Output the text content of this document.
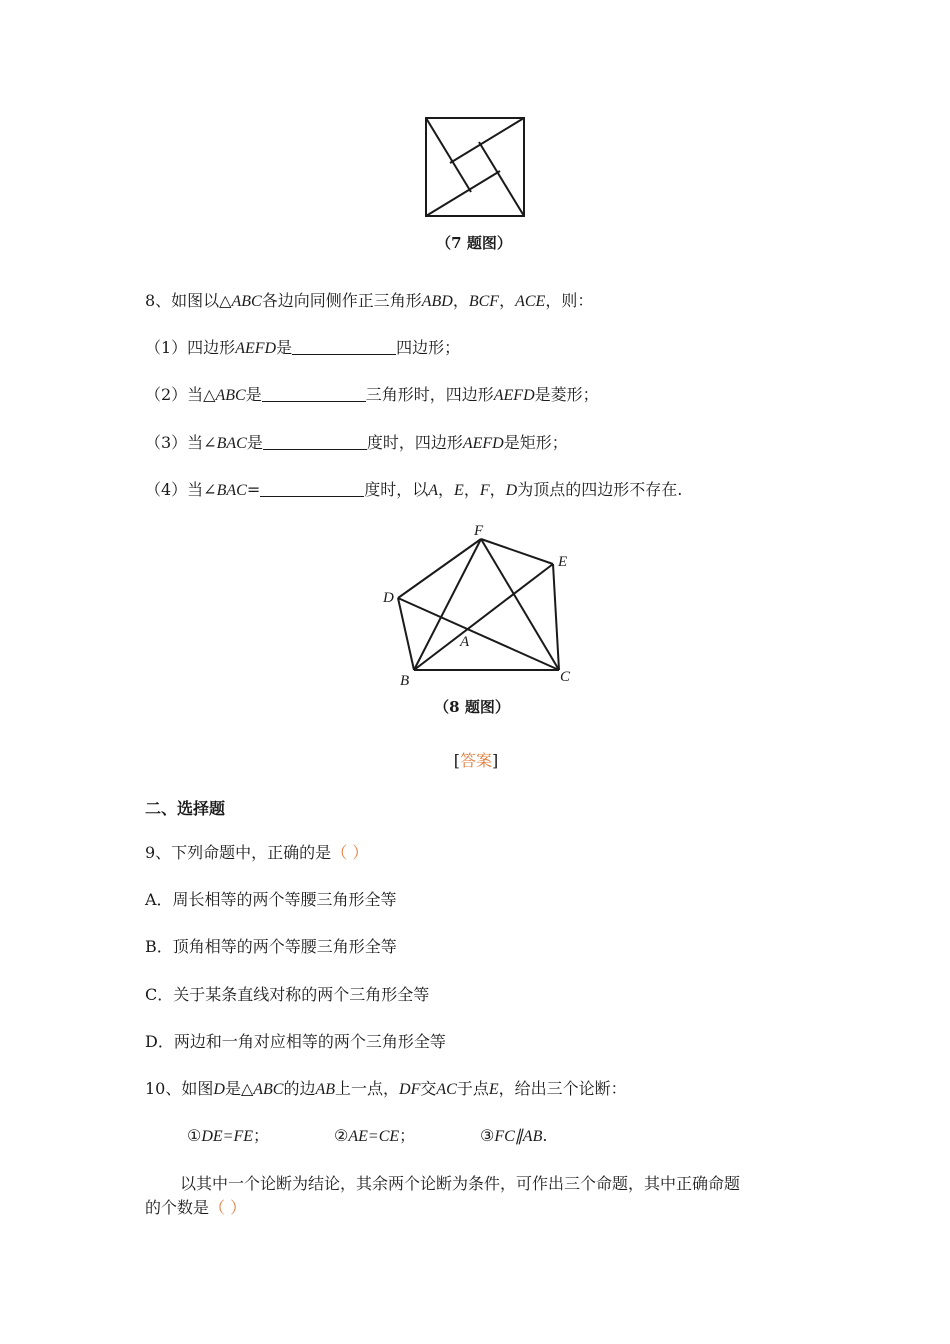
（7 题图）
8、如图以△ABC各边向同侧作正三角形ABD，BCF，ACE，则：
（1）四边形AEFD是	四边形；
（2）当△ABC是	三角形时，四边形AEFD是菱形；
（3）当∠BAC是	度时，四边形AEFD是矩形；
（4）当∠BAC=	度时，以A，E，F，D为顶点的四边形不存在.
F
E
D
A
B	C
（8 题图）
[答案]
二、选择题
9、下列命题中，正确的是（ ）
A．周长相等的两个等腰三角形全等
B．顶角相等的两个等腰三角形全等
C．关于某条直线对称的两个三角形全等
D．两边和一角对应相等的两个三角形全等
10、如图D是△ABC的边AB上一点，DF交AC于点E，给出三个论断：
①DE=FE；	②AE=CE；	③FC∥AB.
以其中一个论断为结论，其余两个论断为条件，可作出三个命题，其中正确命题
的个数是（ ）
